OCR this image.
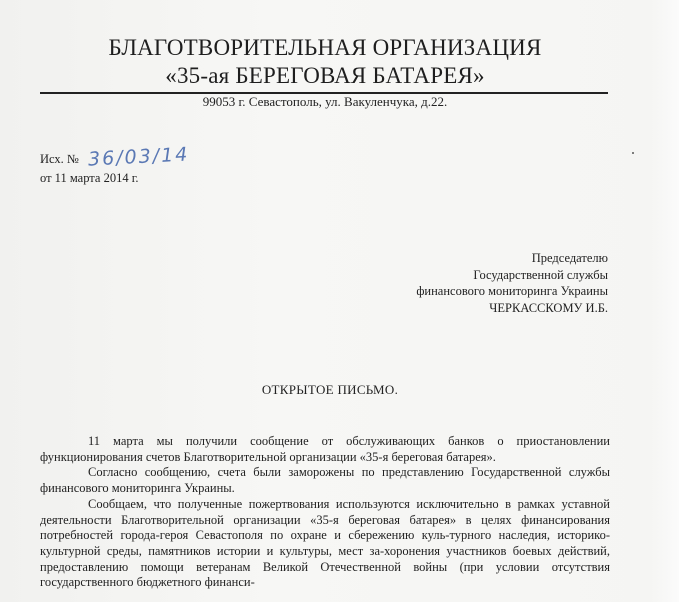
БЛАГОТВОРИТЕЛЬНАЯ ОРГАНИЗАЦИЯ
«35-ая БЕРЕГОВАЯ БАТАРЕЯ»
99053 г. Севастополь, ул. Вакуленчука, д.22.
Исх. № 36/03/14
от 11 марта 2014 г.
Председателю
Государственной службы
финансового мониторинга Украины
ЧЕРКАССКОМУ И.Б.
ОТКРЫТОЕ ПИСЬМО.

11 марта мы получили сообщение от обслуживающих банков о приостановлении функционирования счетов Благотворительной организации «35-я береговая батарея».

Согласно сообщению, счета были заморожены по представлению Государственной службы финансового мониторинга Украины.

Сообщаем, что полученные пожертвования используются исключительно в рамках уставной деятельности Благотворительной организации «35-я береговая батарея» в целях финансирования потребностей города-героя Севастополя по охране и сбережению куль-турного наследия, историко-культурной среды, памятников истории и культуры, мест за-хоронения участников боевых действий, предоставлению помощи ветеранам Великой Отечественной войны (при условии отсутствия государственного бюджетного финанси-
